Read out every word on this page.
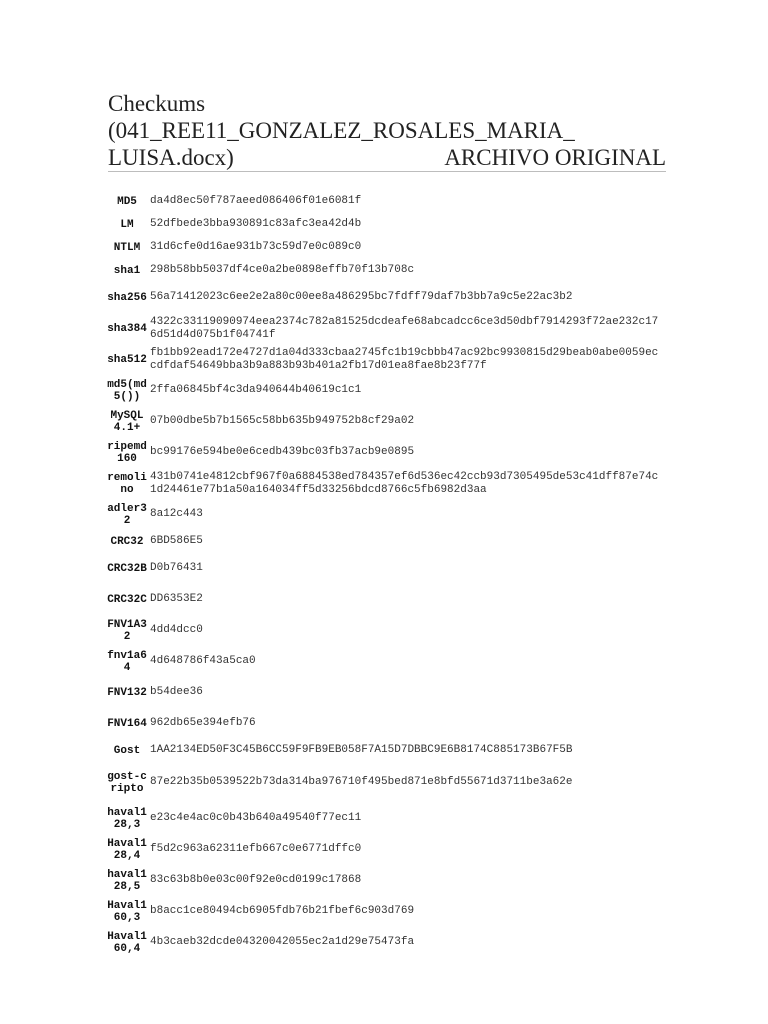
Checkums
(041_REE11_GONZALEZ_ROSALES_MARIA_
LUISA.docx)	ARCHIVO ORIGINAL
MD5	da4d8ec50f787aeed086406f01e6081f

LM	52dfbede3bba930891c83afc3ea42d4b

NTLM	31d6cfe0d16ae931b73c59d7e0c089c0

sha1	298b58bb5037df4ce0a2be0898effb70f13b708c

sha256	56a71412023c6ee2e2a80c00ee8a486295bc7fdff79daf7b3bb7a9c5e22ac3b2

sha384	4322c33119090974eea2374c782a81525dcdeafe68abcadcc6ce3d50dbf7914293f72ae232c176d51d4d075b1f04741f

sha512	fb1bb92ead172e4727d1a04d333cbaa2745fc1b19cbbb47ac92bc9930815d29beab0abe0059eccdfdaf54649bba3b9a883b93b401a2fb17d01ea8fae8b23f77f

md5(md5())	2ffa06845bf4c3da940644b40619c1c1

MySQL4.1+	07b00dbe5b7b1565c58bb635b949752b8cf29a02

ripemd160	bc99176e594be0e6cedb439bc03fb37acb9e0895

remolino	431b0741e4812cbf967f0a6884538ed784357ef6d536ec42ccb93d7305495de53c41dff87e74c1d24461e77b1a50a164034ff5d33256bdcd8766c5fb6982d3aa

adler32	8a12c443

CRC32	6BD586E5

CRC32B	D0b76431

CRC32C	DD6353E2

FNV1A32	4dd4dcc0

fnv1a64	4d648786f43a5ca0

FNV132	b54dee36

FNV164	962db65e394efb76

Gost	1AA2134ED50F3C45B6CC59F9FB9EB058F7A15D7DBBC9E6B8174C885173B67F5B

gost-cripto	87e22b35b0539522b73da314ba976710f495bed871e8bfd55671d3711be3a62e

haval128,3	e23c4e4ac0c0b43b640a49540f77ec11

Haval128,4	f5d2c963a62311efb667c0e6771dffc0

haval128,5	83c63b8b0e03c00f92e0cd0199c17868

Haval160,3	b8acc1ce80494cb6905fdb76b21fbef6c903d769

Haval160,4	4b3caeb32dcde04320042055ec2a1d29e75473fa
